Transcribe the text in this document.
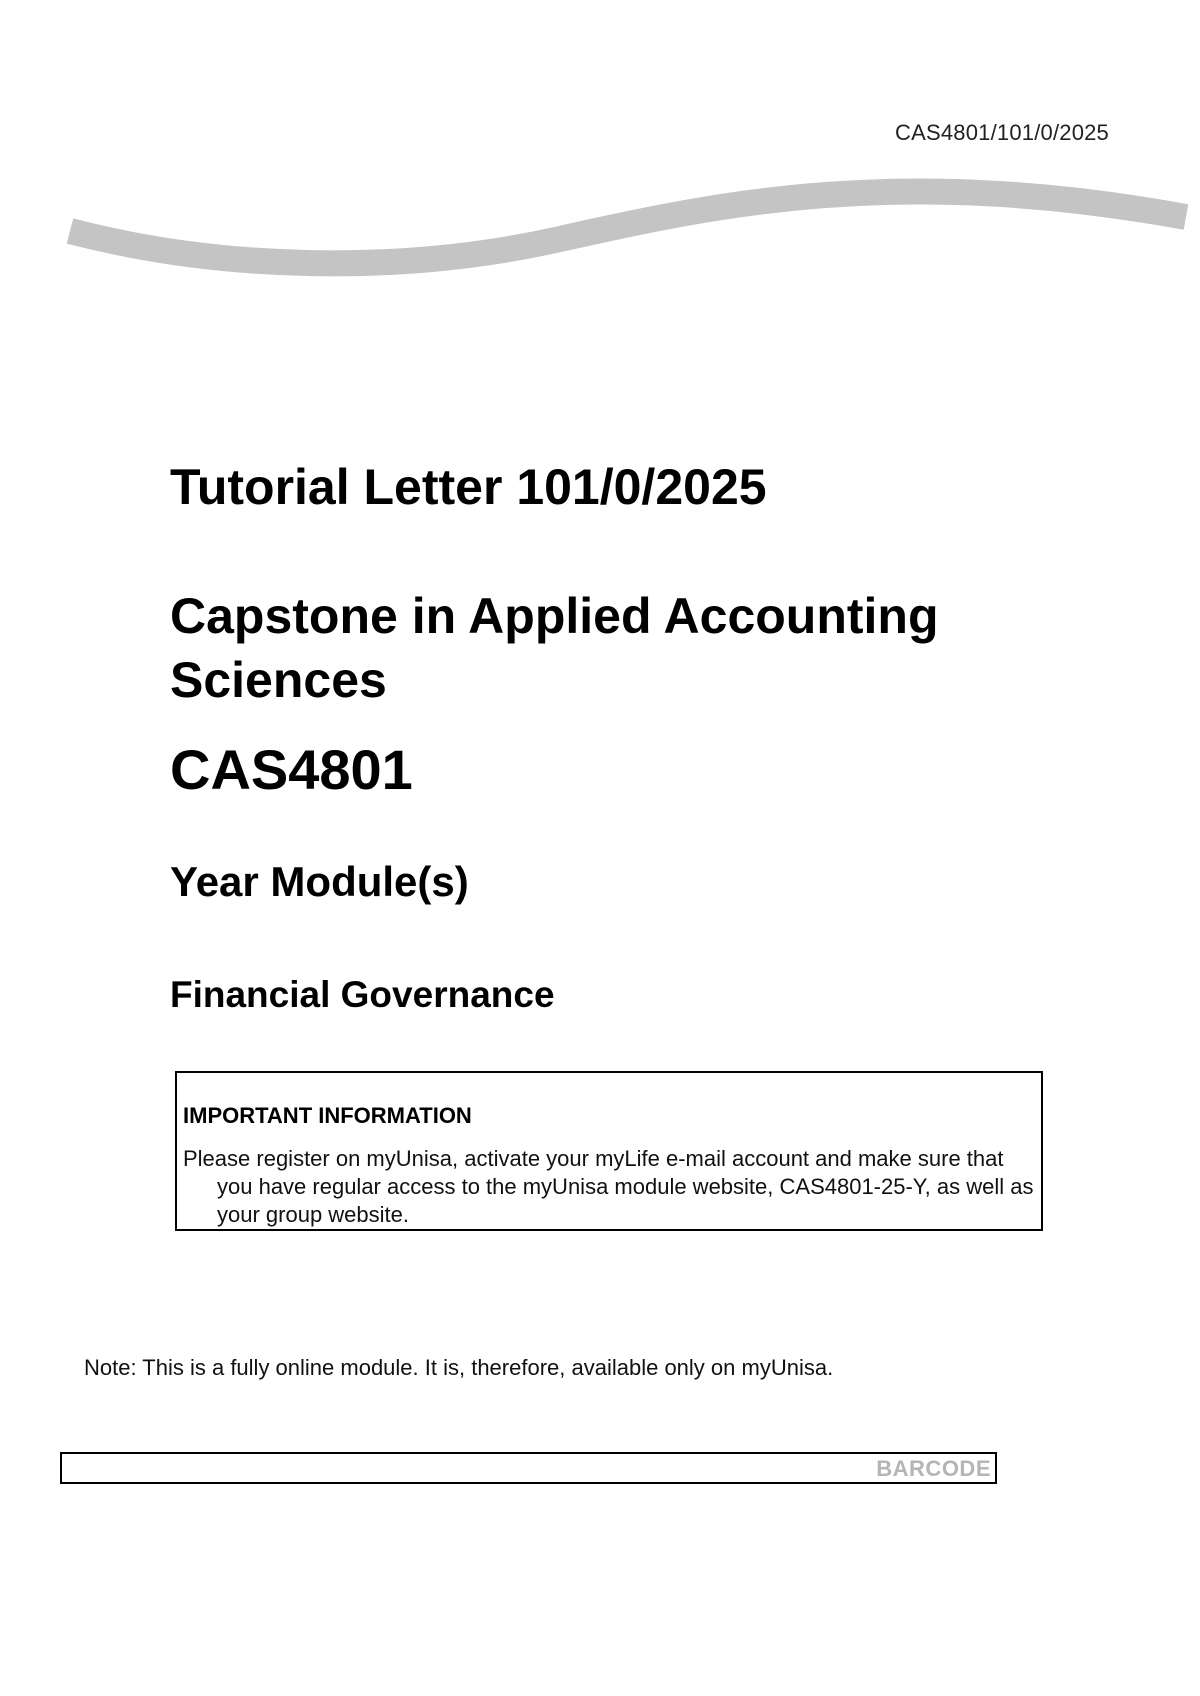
CAS4801/101/0/2025
Tutorial Letter 101/0/2025
Capstone in Applied Accounting Sciences
CAS4801
Year Module(s)
Financial Governance

IMPORTANT INFORMATION

Please register on myUnisa, activate your myLife e-mail account and make sure that you have regular access to the myUnisa module website, CAS4801-25-Y, as well as your group website.

Note: This is a fully online module. It is, therefore, available only on myUnisa.
BARCODE
